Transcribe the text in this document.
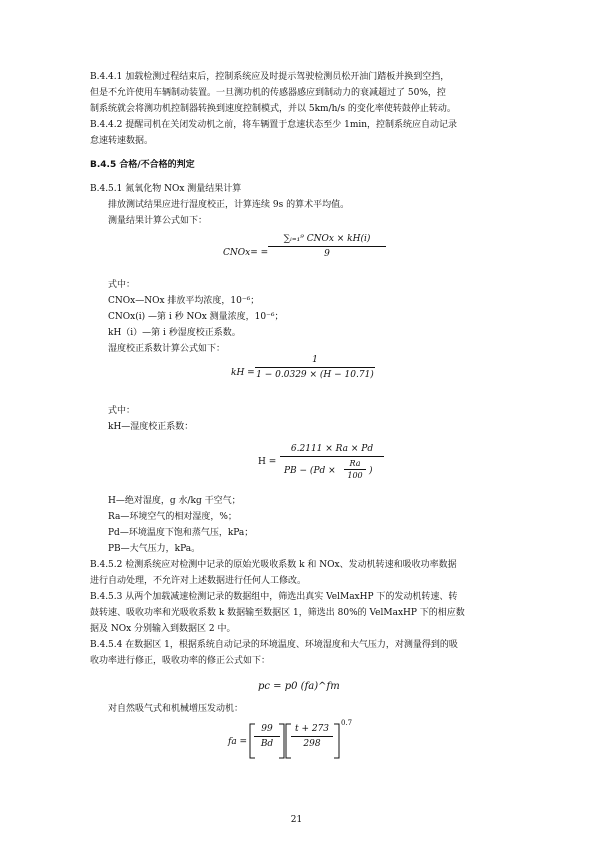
B.4.4.1 加载检测过程结束后，控制系统应及时提示驾驶检测员松开油门踏板并换到空挡，
但是不允许使用车辆制动装置。一旦测功机的传感器感应到制动力的衰减超过了 50%，控
制系统就会将测功机控制器转换到速度控制模式，并以 5km/h/s 的变化率使转鼓停止转动。
B.4.4.2 提醒司机在关闭发动机之前，将车辆置于怠速状态至少 1min，控制系统应自动记录
怠速转速数据。
B.4.5 合格/不合格的判定
B.4.5.1 氮氧化物 NOx 测量结果计算
排放测试结果应进行湿度校正，计算连续 9s 的算术平均值。
测量结果计算公式如下：
CNOx= =
∑ᵢ₌₁⁹ CNOx × kH(i)
9
式中：
CNOx—NOx 排放平均浓度，10⁻⁶；
CNOx(i) —第 i 秒 NOx 测量浓度，10⁻⁶；
kH（i）—第 i 秒湿度校正系数。
湿度校正系数计算公式如下：
kH =
1
1 − 0.0329 × (H − 10.71)
式中：
kH—湿度校正系数：
H =
6.2111 × Ra × Pd
PB − (Pd ×
Ra
100 )
H—绝对湿度，g 水/kg 干空气；
Ra—环境空气的相对湿度，%；
Pd—环境温度下饱和蒸气压，kPa；
PB—大气压力，kPa。
B.4.5.2 检测系统应对检测中记录的原始光吸收系数 k 和 NOx、发动机转速和吸收功率数据
进行自动处理，不允许对上述数据进行任何人工修改。
B.4.5.3 从两个加载减速检测记录的数据组中，筛选出真实 VelMaxHP 下的发动机转速、转
鼓转速、吸收功率和光吸收系数 k 数据输至数据区 1，筛选出 80%的 VelMaxHP 下的相应数
据及 NOx 分别输入到数据区 2 中。
B.4.5.4 在数据区 1，根据系统自动记录的环境温度、环境湿度和大气压力，对测量得到的吸
收功率进行修正，吸收功率的修正公式如下：
pc = p0 (fa)^fm
对自然吸气式和机械增压发动机：
fa =
99
Bd
t + 273
298
0.7
21
